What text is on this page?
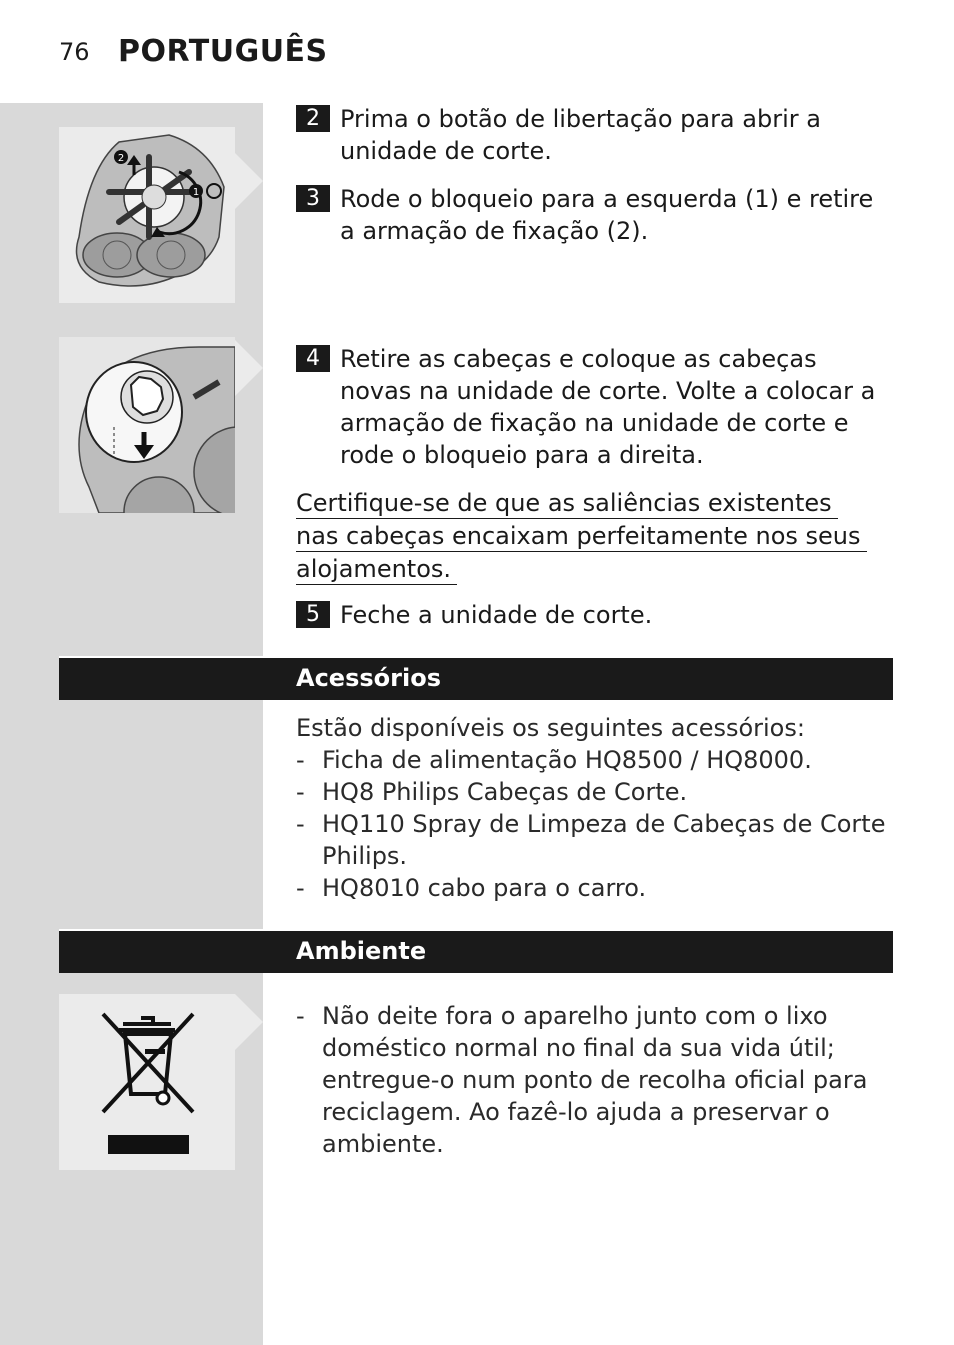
76 PORTUGUÊS
2
1
2 Prima o botão de libertação para abrir a unidade de corte.
3 Rode o bloqueio para a esquerda (1) e retire a armação de fixação (2).
4 Retire as cabeças e coloque as cabeças novas na unidade de corte. Volte a colocar a armação de fixação na unidade de corte e rode o bloqueio para a direita.
Certifique-se de que as saliências existentes
nas cabeças encaixam perfeitamente nos seus
alojamentos.
5 Feche a unidade de corte.
Acessórios
Estão disponíveis os seguintes acessórios:
- Ficha de alimentação HQ8500 / HQ8000.
- HQ8 Philips Cabeças de Corte.
- HQ110 Spray de Limpeza de Cabeças de Corte Philips.
- HQ8010 cabo para o carro.
Ambiente
- Não deite fora o aparelho junto com o lixo doméstico normal no final da sua vida útil; entregue-o num ponto de recolha oficial para reciclagem. Ao fazê-lo ajuda a preservar o ambiente.
